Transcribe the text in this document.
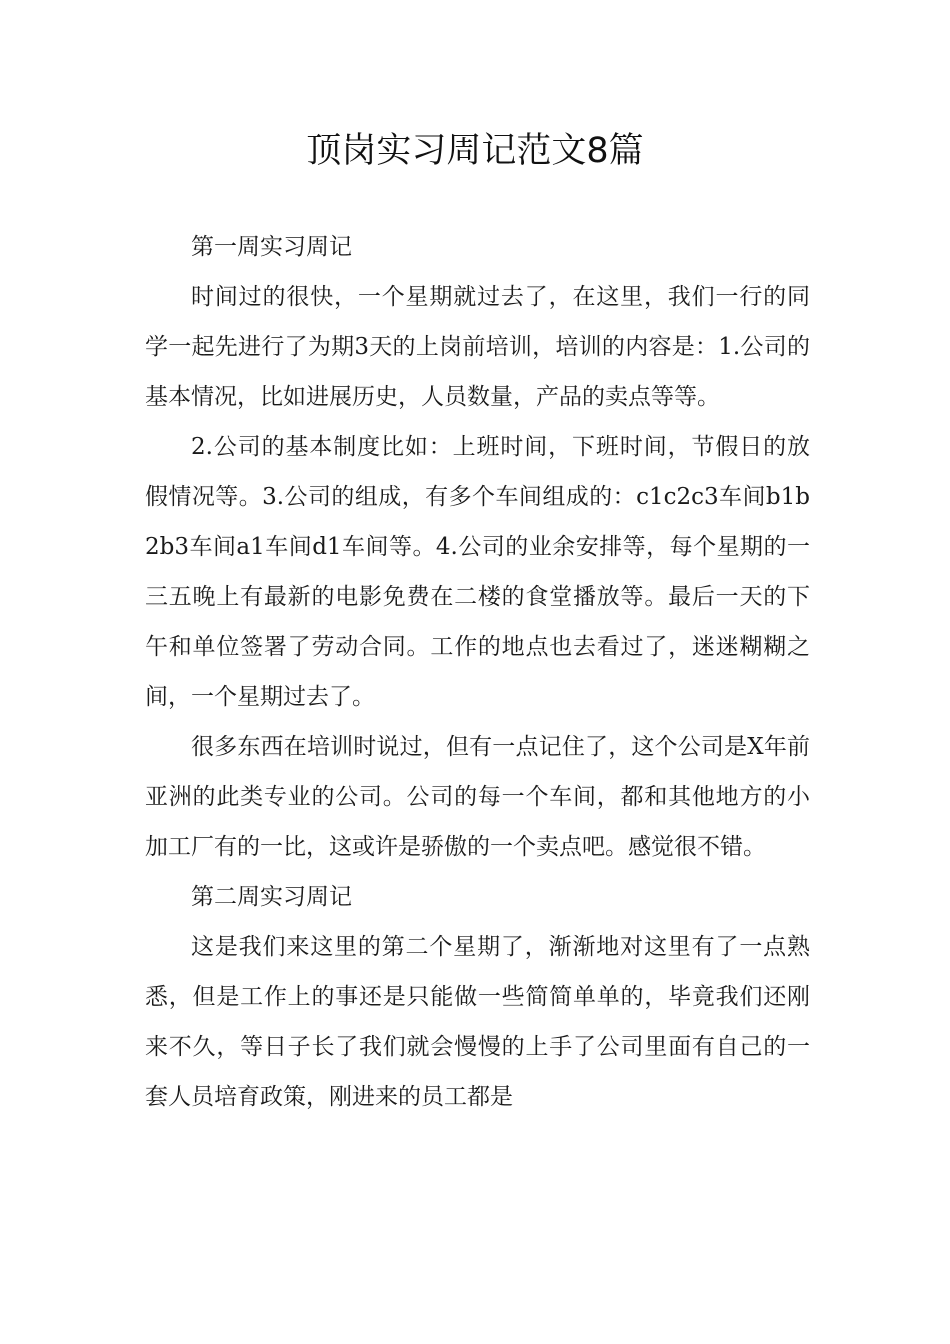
顶岗实习周记范文8篇

第一周实习周记

时间过的很快，一个星期就过去了，在这里，我们一行的同学一起先进行了为期3天的上岗前培训，培训的内容是：1.公司的基本情况，比如进展历史，人员数量，产品的卖点等等。

2.公司的基本制度比如：上班时间，下班时间，节假日的放假情况等。3.公司的组成，有多个车间组成的：c1c2c3车间b1b2b3车间a1车间d1车间等。4.公司的业余安排等，每个星期的一三五晚上有最新的电影免费在二楼的食堂播放等。最后一天的下午和单位签署了劳动合同。工作的地点也去看过了，迷迷糊糊之间，一个星期过去了。

很多东西在培训时说过，但有一点记住了，这个公司是X年前亚洲的此类专业的公司。公司的每一个车间，都和其他地方的小加工厂有的一比，这或许是骄傲的一个卖点吧。感觉很不错。

第二周实习周记

这是我们来这里的第二个星期了，渐渐地对这里有了一点熟悉，但是工作上的事还是只能做一些简简单单的，毕竟我们还刚来不久，等日子长了我们就会慢慢的上手了公司里面有自己的一套人员培育政策，刚进来的员工都是
